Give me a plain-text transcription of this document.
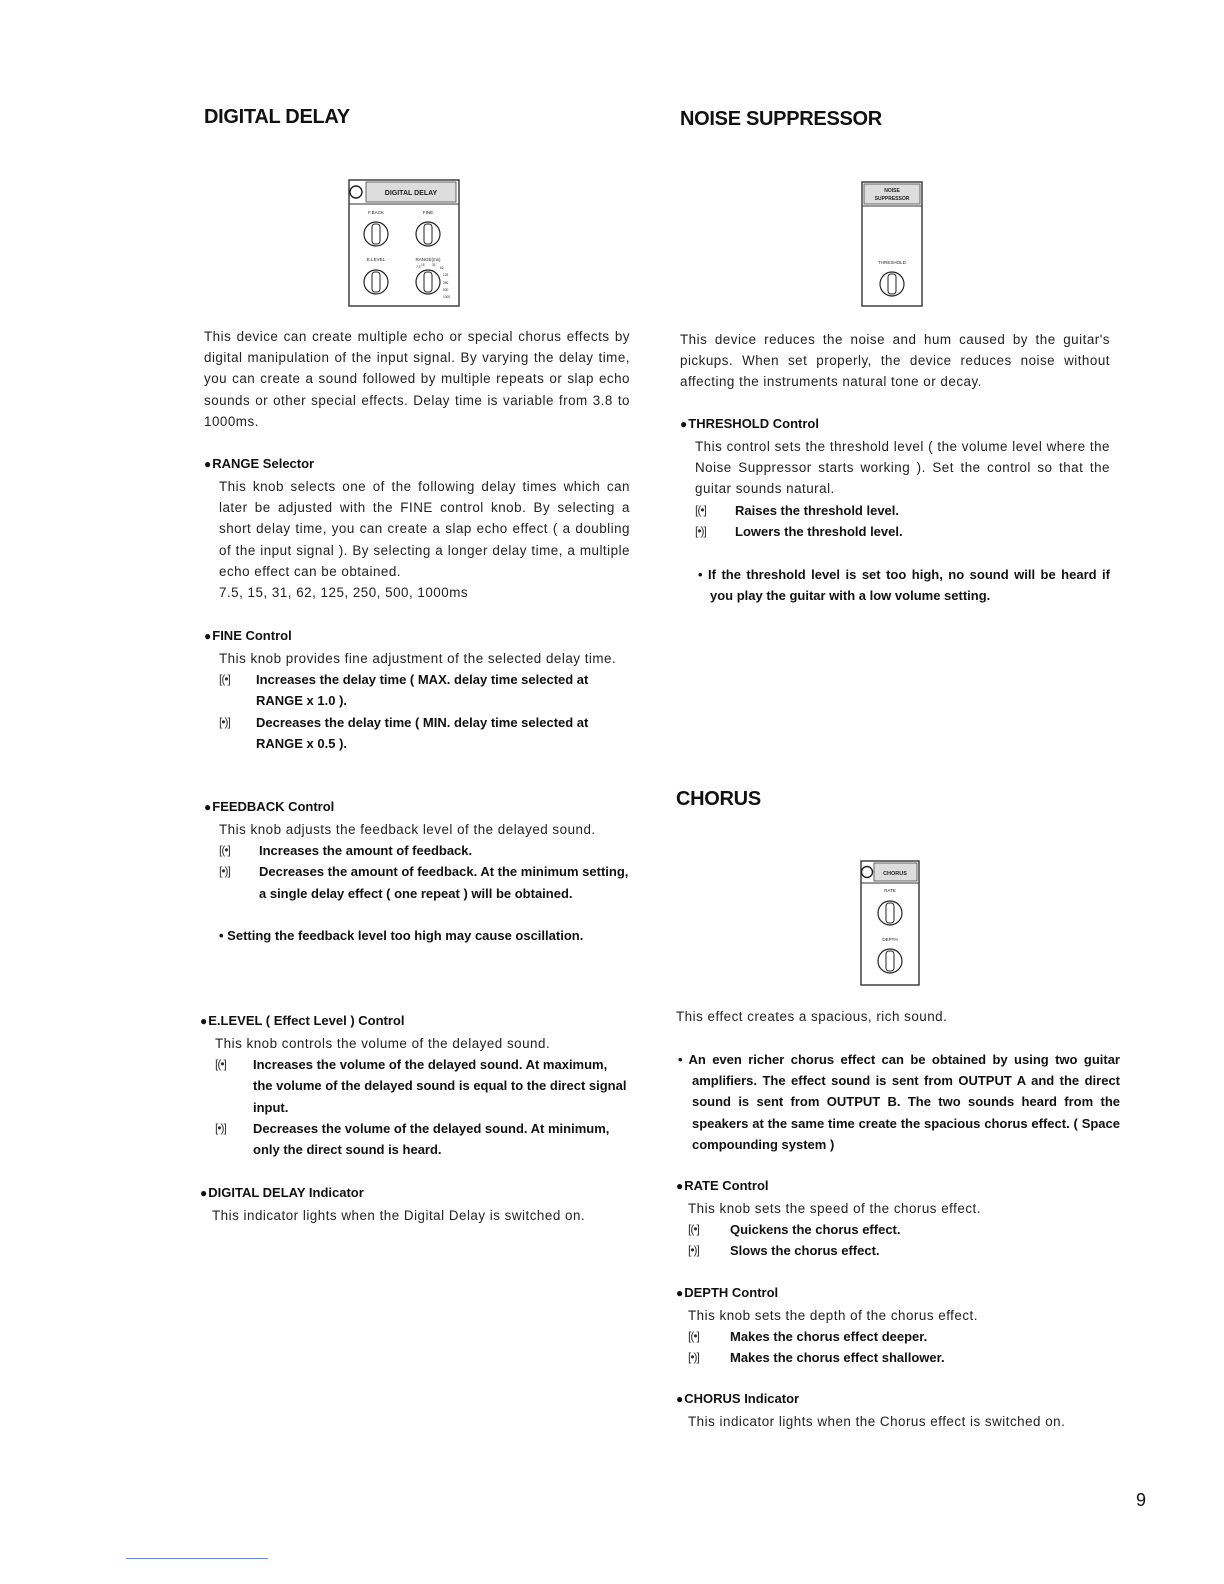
DIGITAL DELAY
DIGITAL DELAY
F.BACK	FINE
E.LEVEL	RANGE(ms)
7.5 15 31
62
125
250
500
1000

This device can create multiple echo or special chorus effects by digital manipulation of the input signal. By varying the delay time, you can create a sound followed by multiple repeats or slap echo sounds or other special effects. Delay time is variable from 3.8 to 1000ms.

● RANGE Selector

This knob selects one of the following delay times which can later be adjusted with the FINE control knob. By selecting a short delay time, you can create a slap echo effect ( a doubling of the input signal ). By selecting a longer delay time, a multiple echo effect can be obtained.

7.5, 15, 31, 62, 125, 250, 500, 1000ms

● FINE Control

This knob provides fine adjustment of the selected delay time.

[(•] Increases the delay time ( MAX. delay time selected at RANGE x 1.0 ).
[•)] Decreases the delay time ( MIN. delay time selected at RANGE x 0.5 ).
● FEEDBACK Control

This knob adjusts the feedback level of the delayed sound.

[(•] Increases the amount of feedback.
[•)] Decreases the amount of feedback. At the minimum setting, a single delay effect ( one repeat ) will be obtained.

• Setting the feedback level too high may cause oscillation.

● E.LEVEL ( Effect Level ) Control

This knob controls the volume of the delayed sound.

[(•] Increases the volume of the delayed sound. At maximum, the volume of the delayed sound is equal to the direct signal input.
[•)] Decreases the volume of the delayed sound. At minimum, only the direct sound is heard.
● DIGITAL DELAY Indicator

This indicator lights when the Digital Delay is switched on.

NOISE SUPPRESSOR
NOISE
SUPPRESSOR
THRESHOLD

This device reduces the noise and hum caused by the guitar's pickups. When set properly, the device reduces noise without affecting the instruments natural tone or decay.

● THRESHOLD Control

This control sets the threshold level ( the volume level where the Noise Suppressor starts working ). Set the control so that the guitar sounds natural.

[(•] Raises the threshold level.
[•)] Lowers the threshold level.

• If the threshold level is set too high, no sound will be heard if you play the guitar with a low volume setting.

CHORUS
CHORUS
RATE
DEPTH

This effect creates a spacious, rich sound.

• An even richer chorus effect can be obtained by using two guitar amplifiers. The effect sound is sent from OUTPUT A and the direct sound is sent from OUTPUT B. The two sounds heard from the speakers at the same time create the spacious chorus effect. ( Space compounding system )

● RATE Control

This knob sets the speed of the chorus effect.

[(•] Quickens the chorus effect.
[•)] Slows the chorus effect.
● DEPTH Control

This knob sets the depth of the chorus effect.

[(•] Makes the chorus effect deeper.
[•)] Makes the chorus effect shallower.
● CHORUS Indicator

This indicator lights when the Chorus effect is switched on.

9
